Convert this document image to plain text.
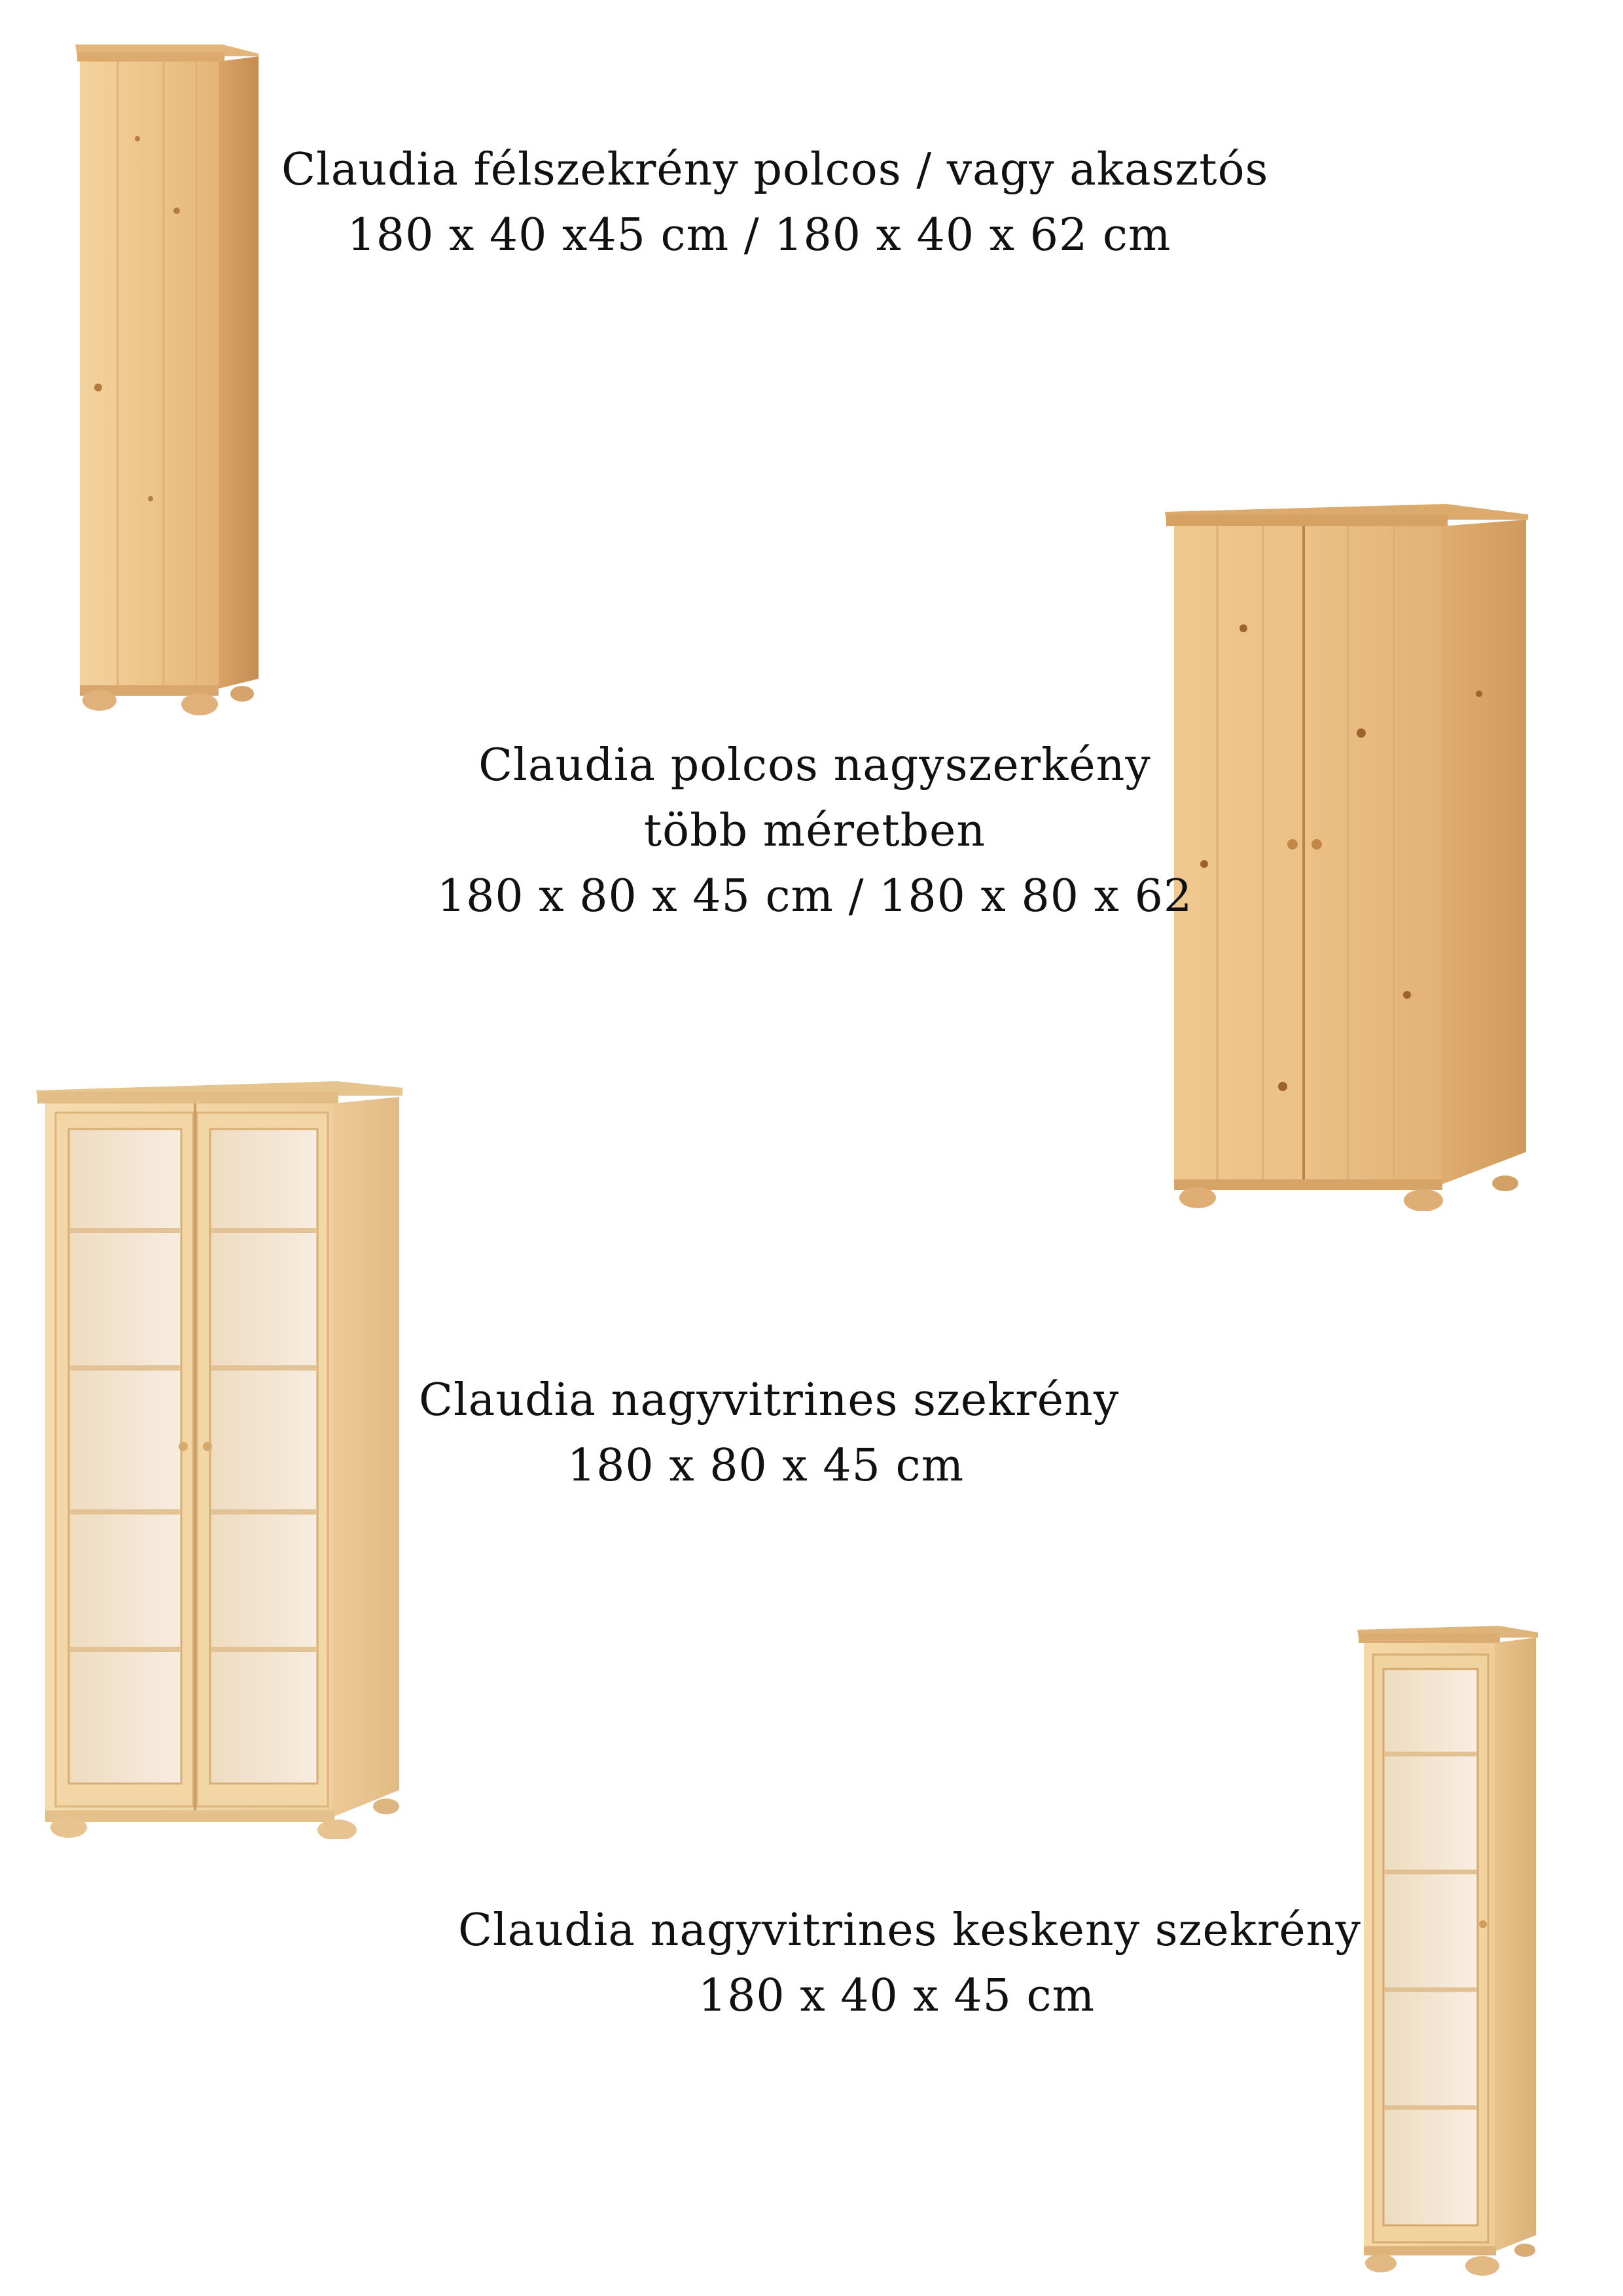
Claudia félszekrény polcos / vagy akasztós
180 x 40 x45 cm / 180 x 40 x 62 cm
Claudia polcos nagyszerkény
több méretben
180 x 80 x 45 cm / 180 x 80 x 62
Claudia nagyvitrines szekrény
180 x 80 x 45 cm
Claudia nagyvitrines keskeny szekrény
180 x 40 x 45 cm
